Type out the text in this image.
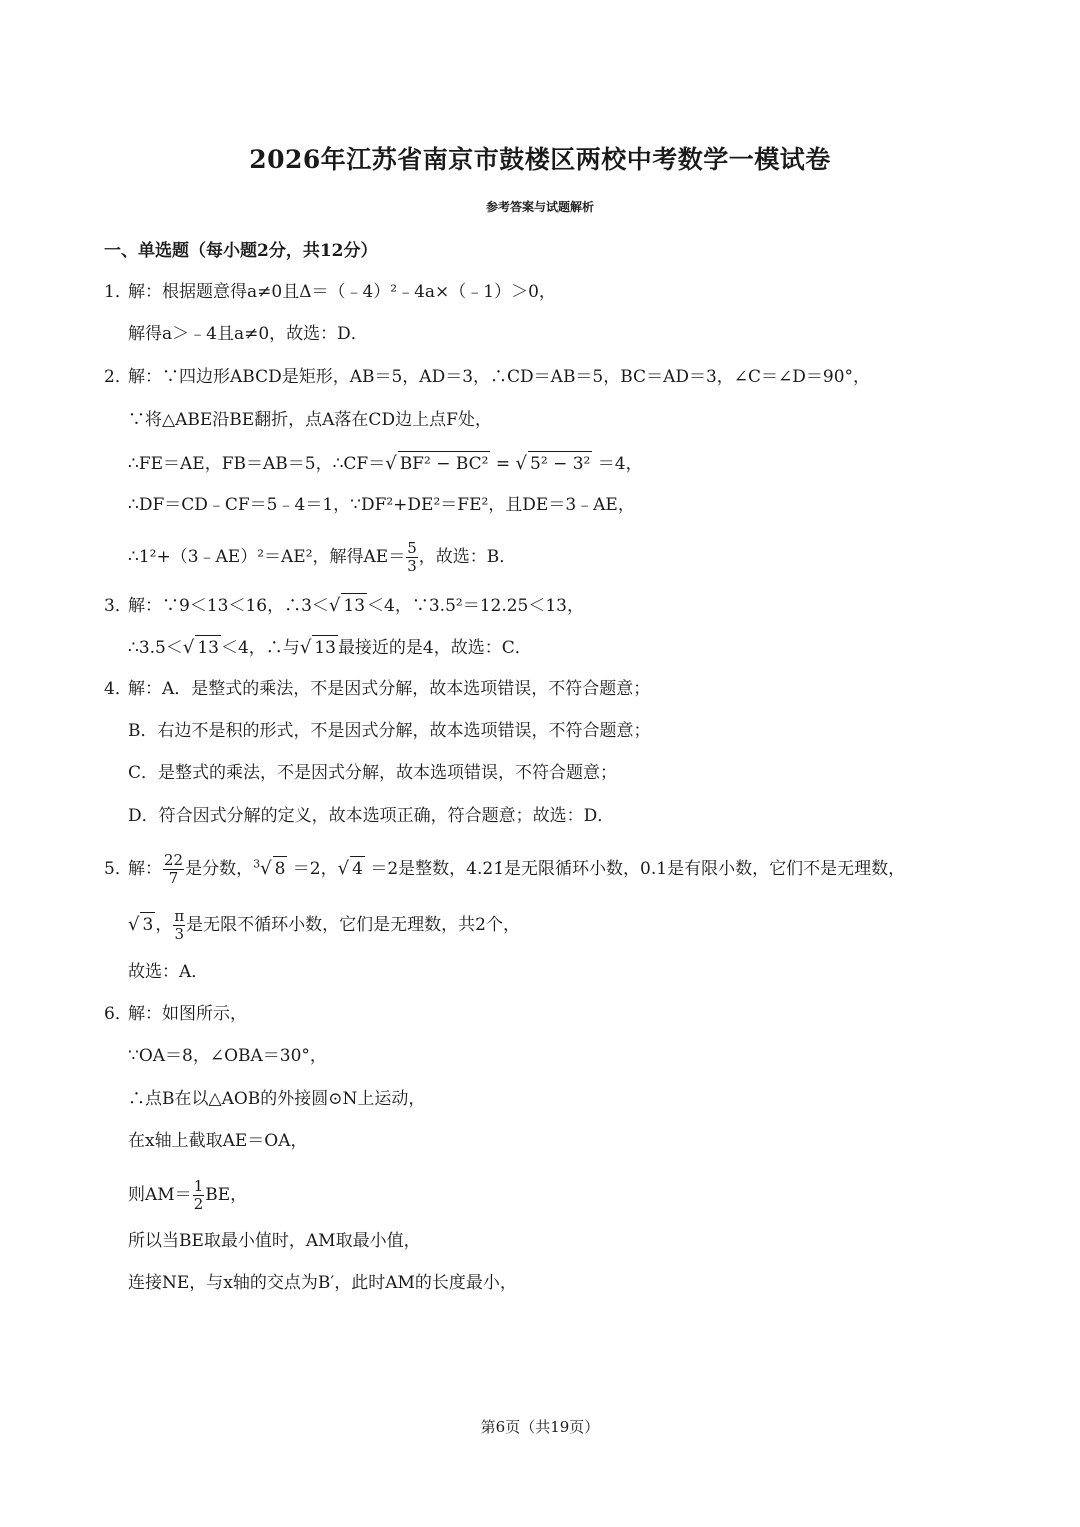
2026年江苏省南京市鼓楼区两校中考数学一模试卷
参考答案与试题解析
一、单选题（每小题2分，共12分）
1．解：根据题意得a≠0且Δ＝（﹣4）²﹣4a×（﹣1）＞0，
解得a＞﹣4且a≠0，故选：D．
2．解：∵四边形ABCD是矩形，AB＝5，AD＝3，∴CD＝AB＝5，BC＝AD＝3，∠C＝∠D＝90°，
∵将△ABE沿BE翻折，点A落在CD边上点F处，
∴FE＝AE，FB＝AB＝5，∴CF＝√ BF² − BC² = √ 5² − 3² ＝4，
∴DF＝CD﹣CF＝5﹣4＝1，∵DF²+DE²＝FE²，且DE＝3﹣AE，
∴1²+（3﹣AE）²＝AE²，解得$AE= \frac{5}{3}$ ，故选：B．
3．解：∵9＜13＜16，∴3＜√ 13 ＜4，∵3.5²＝12.25＜13，
∴3.5＜√ 13 ＜4，∴与√ 13 最接近的是4，故选：C．
4．解：A．是整式的乘法，不是因式分解，故本选项错误，不符合题意；
B．右边不是积的形式，不是因式分解，故本选项错误，不符合题意；
C．是整式的乘法，不是因式分解，故本选项错误，不符合题意；
D．符合因式分解的定义，故本选项正确，符合题意；故选：D．
5．解： $\frac{22}{7}$ 是分数，$^3$√ 8 ＝2，√ 4 ＝2是整数，4.21̇是无限循环小数，0.1是有限小数，它们不是无理数，
√ 3 ， $\frac{\pi}{3}$ 是无限不循环小数，它们是无理数，共2个，
故选：A．
6．解：如图所示，
∵OA＝8，∠OBA＝30°，
∴点B在以△AOB的外接圆⊙N上运动，
在x轴上截取AE＝OA，
则$AM= \frac{1}{2}$ BE，
所以当BE取最小值时，AM取最小值，
连接NE，与x轴的交点为B′，此时AM的长度最小，
第6页（共19页）
